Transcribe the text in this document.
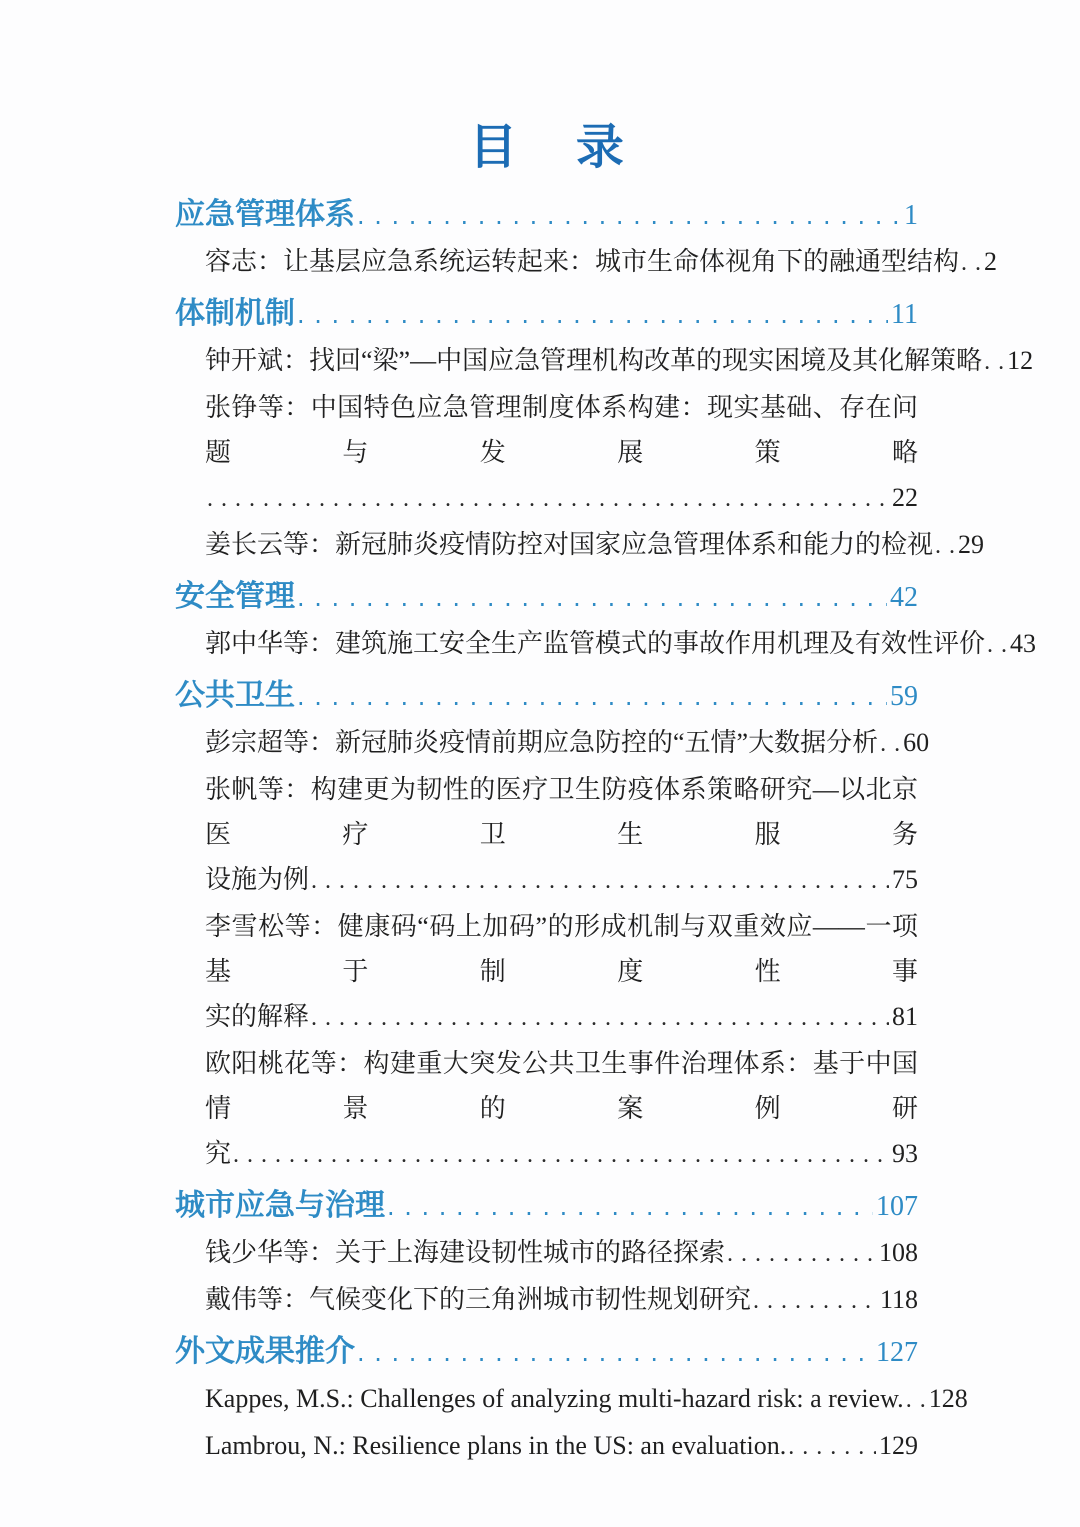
目 录
应急管理体系 . . .	1
容志：让基层应急系统运转起来：城市生命体视角下的融通型结构 . . . 2
体制机制 . . .	11
钟开斌：找回“梁”—中国应急管理机构改革的现实困境及其化解策略 . . . 12
张铮等：中国特色应急管理制度体系构建：现实基础、存在问题与发展策略
. . .
22
姜长云等：新冠肺炎疫情防控对国家应急管理体系和能力的检视 . . . 29
安全管理 . . .	42
郭中华等：建筑施工安全生产监管模式的事故作用机理及有效性评价 . . . 43
公共卫生 . . .	59
彭宗超等：新冠肺炎疫情前期应急防控的“五情”大数据分析 . . . 60
张帆等：构建更为韧性的医疗卫生防疫体系策略研究—以北京医疗卫生服务
设施为例 . . .	75
李雪松等：健康码“码上加码”的形成机制与双重效应——一项基于制度性事
实的解释 . . .	81
欧阳桃花等：构建重大突发公共卫生事件治理体系：基于中国情景的案例研
究 . . .	93
城市应急与治理 . . .	107
钱少华等：关于上海建设韧性城市的路径探索 . . .	108
戴伟等：气候变化下的三角洲城市韧性规划研究 . . .	118
外文成果推介 . . .	127
Kappes, M.S.: Challenges of analyzing multi-hazard risk: a review. . . . 128
Lambrou, N.: Resilience plans in the US: an evaluation. . . .	129
